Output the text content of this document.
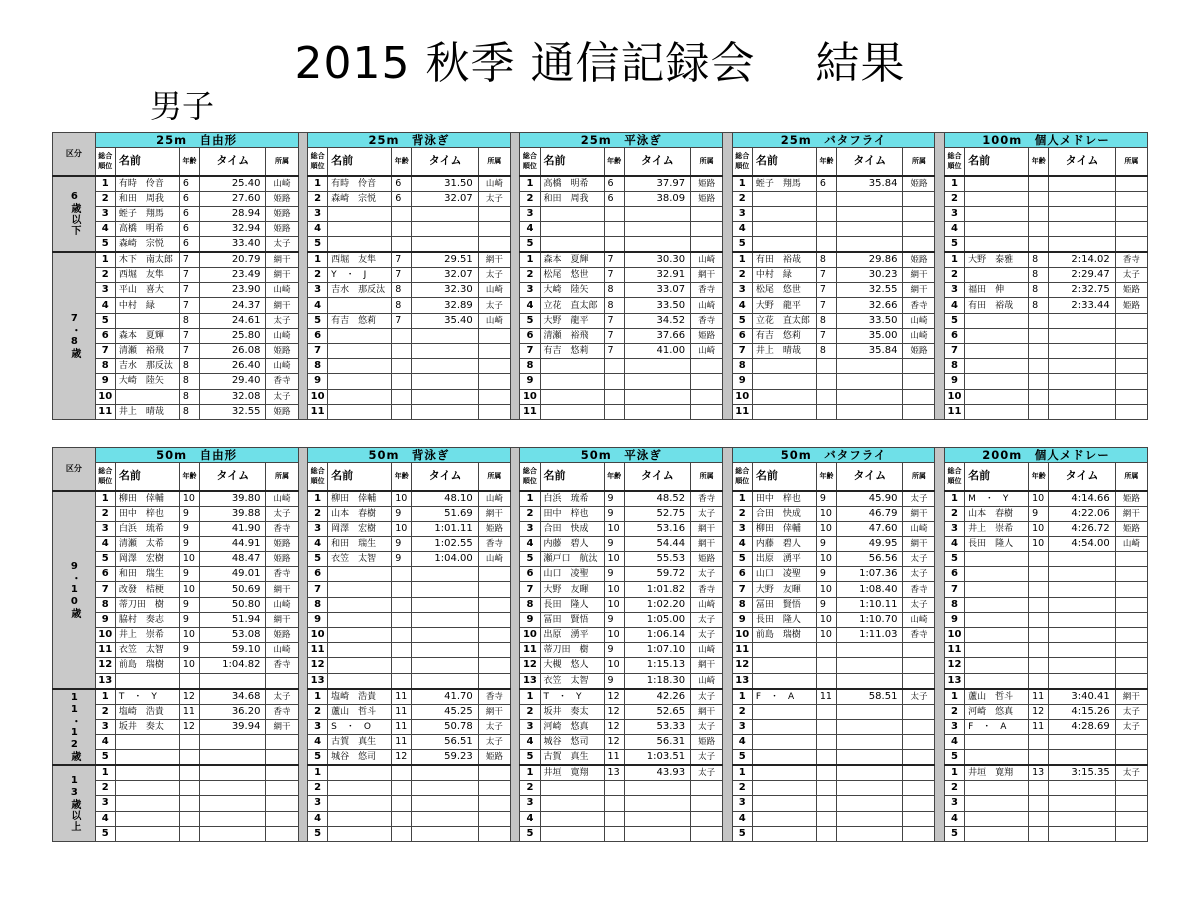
2015 秋季 通信記録会　 結果
男子
区分	25m　自由形						25m　背泳ぎ						25m　平泳ぎ						25m　バタフライ						100m　個人メドレー				
	総合順位	名前	年齢	タイム	所属		総合順位	名前	年齢	タイム	所属		総合順位	名前	年齢	タイム	所属		総合順位	名前	年齢	タイム	所属		総合順位	名前	年齢	タイム	所属
6歳以下	1	有時　伶音	6	25.40	山崎		1	有時　伶音	6	31.50	山崎		1	高橋　明希	6	37.97	姫路		1	蛭子　翔馬	6	35.84	姫路		1				
	2	和田　周我	6	27.60	姫路		2	森崎　宗悦	6	32.07	太子		2	和田　周我	6	38.09	姫路		2						2				
	3	蛭子　翔馬	6	28.94	姫路		3						3						3						3				
	4	高橋　明希	6	32.94	姫路		4						4						4						4				
	5	森崎　宗悦	6	33.40	太子		5						5						5						5				
7・8歳	1	木下　南太郎	7	20.79	網干		1	西堀　友隼	7	29.51	網干		1	森本　夏輝	7	30.30	山崎		1	有田　裕哉	8	29.86	姫路		1	大野　泰雅	8	2:14.02	香寺
	2	西堀　友隼	7	23.49	網干		2	Y　・　J	7	32.07	太子		2	松尾　悠世	7	32.91	網干		2	中村　緑	7	30.23	網干		2		8	2:29.47	太子
	3	平山　喜大	7	23.90	山崎		3	吉水　那反汰	8	32.30	山崎		3	大崎　陸矢	8	33.07	香寺		3	松尾　悠世	7	32.55	網干		3	福田　伸	8	2:32.75	姫路
	4	中村　緑	7	24.37	網干		4		8	32.89	太子		4	立花　直太郎	8	33.50	山崎		4	大野　龍平	7	32.66	香寺		4	有田　裕哉	8	2:33.44	姫路
	5		8	24.61	太子		5	有吉　悠莉	7	35.40	山崎		5	大野　龍平	7	34.52	香寺		5	立花　直太郎	8	33.50	山崎		5				
	6	森本　夏輝	7	25.80	山崎		6						6	清瀬　裕飛	7	37.66	姫路		6	有吉　悠莉	7	35.00	山崎		6				
	7	清瀬　裕飛	7	26.08	姫路		7						7	有吉　悠莉	7	41.00	山崎		7	井上　晴哉	8	35.84	姫路		7				
	8	吉水　那反汰	8	26.40	山崎		8						8						8						8				
	9	大崎　陸矢	8	29.40	香寺		9						9						9						9				
	10		8	32.08	太子		10						10						10						10				
	11	井上　晴哉	8	32.55	姫路		11						11						11						11				
区分	50m　自由形						50m　背泳ぎ						50m　平泳ぎ						50m　バタフライ						200m　個人メドレー				
	総合順位	名前	年齢	タイム	所属		総合順位	名前	年齢	タイム	所属		総合順位	名前	年齢	タイム	所属		総合順位	名前	年齢	タイム	所属		総合順位	名前	年齢	タイム	所属
9・10歳	1	柳田　倖輔	10	39.80	山崎		1	柳田　倖輔	10	48.10	山崎		1	白浜　琉希	9	48.52	香寺		1	田中　梓也	9	45.90	太子		1	M　・　Y	10	4:14.66	姫路
	2	田中　梓也	9	39.88	太子		2	山本　春樹	9	51.69	網干		2	田中　梓也	9	52.75	太子		2	合田　快成	10	46.79	網干		2	山本　春樹	9	4:22.06	網干
	3	白浜　琉希	9	41.90	香寺		3	岡澤　宏樹	10	1:01.11	姫路		3	合田　快成	10	53.16	網干		3	柳田　倖輔	10	47.60	山崎		3	井上　崇希	10	4:26.72	姫路
	4	清瀬　太希	9	44.91	姫路		4	和田　瑞生	9	1:02.55	香寺		4	内藤　碧人	9	54.44	網干		4	内藤　碧人	9	49.95	網干		4	長田　隆人	10	4:54.00	山崎
	5	岡澤　宏樹	10	48.47	姫路		5	衣笠　太智	9	1:04.00	山崎		5	瀬戸口　航汰	10	55.53	姫路		5	出原　湧平	10	56.56	太子		5				
	6	和田　瑞生	9	49.01	香寺		6						6	山口　凌聖	9	59.72	太子		6	山口　凌聖	9	1:07.36	太子		6				
	7	改發　桔梗	10	50.69	網干		7						7	大野　友暉	10	1:01.82	香寺		7	大野　友暉	10	1:08.40	香寺		7				
	8	蒂刀田　樹	9	50.80	山崎		8						8	長田　隆人	10	1:02.20	山崎		8	冨田　賢悟	9	1:10.11	太子		8				
	9	脇村　奏志	9	51.94	網干		9						9	冨田　賢悟	9	1:05.00	太子		9	長田　隆人	10	1:10.70	山崎		9				
	10	井上　崇希	10	53.08	姫路		10						10	出原　湧平	10	1:06.14	太子		10	前島　瑞樹	10	1:11.03	香寺		10				
	11	衣笠　太智	9	59.10	山崎		11						11	蒂刀田　樹	9	1:07.10	山崎		11						11				
	12	前島　瑞樹	10	1:04.82	香寺		12						12	大槻　悠人	10	1:15.13	網干		12						12				
	13						13						13	衣笠　太智	9	1:18.30	山崎		13						13				
11・12歳	1	T　・　Y	12	34.68	太子		1	塩崎　浩貴	11	41.70	香寺		1	T　・　Y	12	42.26	太子		1	F　・　A	11	58.51	太子		1	蘆山　哲斗	11	3:40.41	網干
	2	塩崎　浩貴	11	36.20	香寺		2	蘆山　哲斗	11	45.25	網干		2	坂井　奏太	12	52.65	網干		2						2	河崎　悠真	12	4:15.26	太子
	3	坂井　奏太	12	39.94	網干		3	S　・　O	11	50.78	太子		3	河崎　悠真	12	53.33	太子		3						3	F　・　A	11	4:28.69	太子
	4						4	古賀　真生	11	56.51	太子		4	城谷　悠司	12	56.31	姫路		4						4				
	5						5	城谷　悠司	12	59.23	姫路		5	古賀　真生	11	1:03.51	太子		5						5				
13歳以上	1						1						1	井垣　寛翔	13	43.93	太子		1						1	井垣　寛翔	13	3:15.35	太子
	2						2						2						2						2				
	3						3						3						3						3				
	4						4						4						4						4				
	5						5						5						5						5				
